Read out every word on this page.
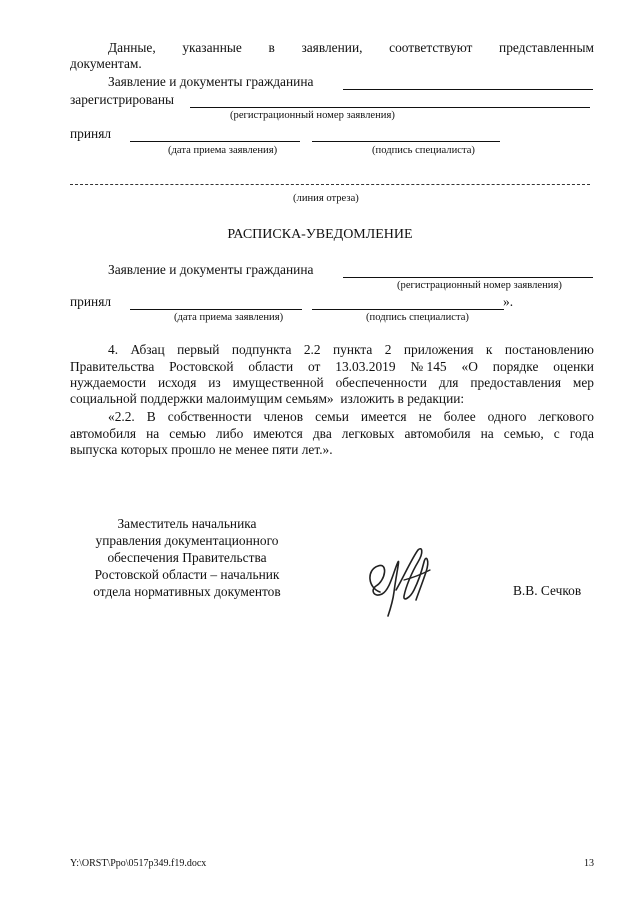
Данные, указанные в заявлении, соответствуют представленным
документам.
Заявление и документы гражданина
зарегистрированы
(регистрационный номер заявления)
принял
(дата приема заявления)	(подпись специалиста)
(линия отреза)
РАСПИСКА-УВЕДОМЛЕНИЕ
Заявление и документы гражданина
(регистрационный номер заявления)
принял	».
(дата приема заявления)	(подпись специалиста)
4. Абзац первый подпункта 2.2 пункта 2 приложения к постановлению
Правительства Ростовской области от 13.03.2019 № 145 «О порядке оценки
нуждаемости исходя из имущественной обеспеченности для предоставления мер
социальной поддержки малоимущим семьям»  изложить в редакции:
«2.2. В собственности членов семьи имеется не более одного легкового
автомобиля на семью либо имеются два легковых автомобиля на семью, с года
выпуска которых прошло не менее пяти лет.».
Заместитель начальника
управления документационного
обеспечения Правительства
Ростовской области – начальник
отдела нормативных документов	В.В. Сечков
Y:\ORST\Ppo\0517p349.f19.docx	13
